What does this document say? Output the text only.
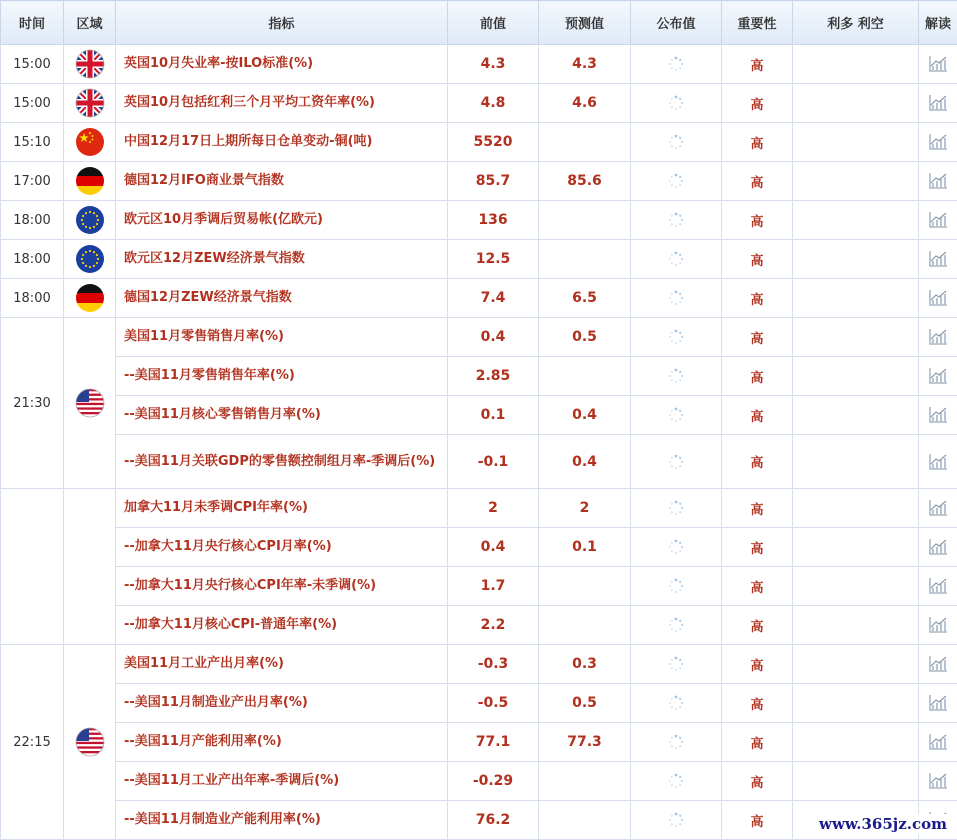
时间	区域	指标	前值	预测值	公布值	重要性	利多 利空	解读
15:00		英国10月失业率-按ILO标准(%)	4.3	4.3		高		

15:00		英国10月包括红利三个月平均工资年率(%)	4.8	4.6		高		

15:10		中国12月17日上期所每日仓单变动-铜(吨)	5520			高		

17:00		德国12月IFO商业景气指数	85.7	85.6		高		

18:00		欧元区10月季调后贸易帐(亿欧元)	136			高		

18:00		欧元区12月ZEW经济景气指数	12.5			高		

18:00		德国12月ZEW经济景气指数	7.4	6.5		高		

21:30		美国11月零售销售月率(%)	0.4	0.5		高		

		--美国11月零售销售年率(%)	2.85			高		

		--美国11月核心零售销售月率(%)	0.1	0.4		高		

		--美国11月关联GDP的零售额控制组月率-季调后(%)	-0.1	0.4		高		

		加拿大11月未季调CPI年率(%)	2	2		高		

		--加拿大11月央行核心CPI月率(%)	0.4	0.1		高		

		--加拿大11月央行核心CPI年率-未季调(%)	1.7			高		

		--加拿大11月核心CPI-普通年率(%)	2.2			高		

22:15		美国11月工业产出月率(%)	-0.3	0.3		高		

		--美国11月制造业产出月率(%)	-0.5	0.5		高		

		--美国11月产能利用率(%)	77.1	77.3		高		

		--美国11月工业产出年率-季调后(%)	-0.29			高		

		--美国11月制造业产能利用率(%)	76.2			高			www.365jz.com
